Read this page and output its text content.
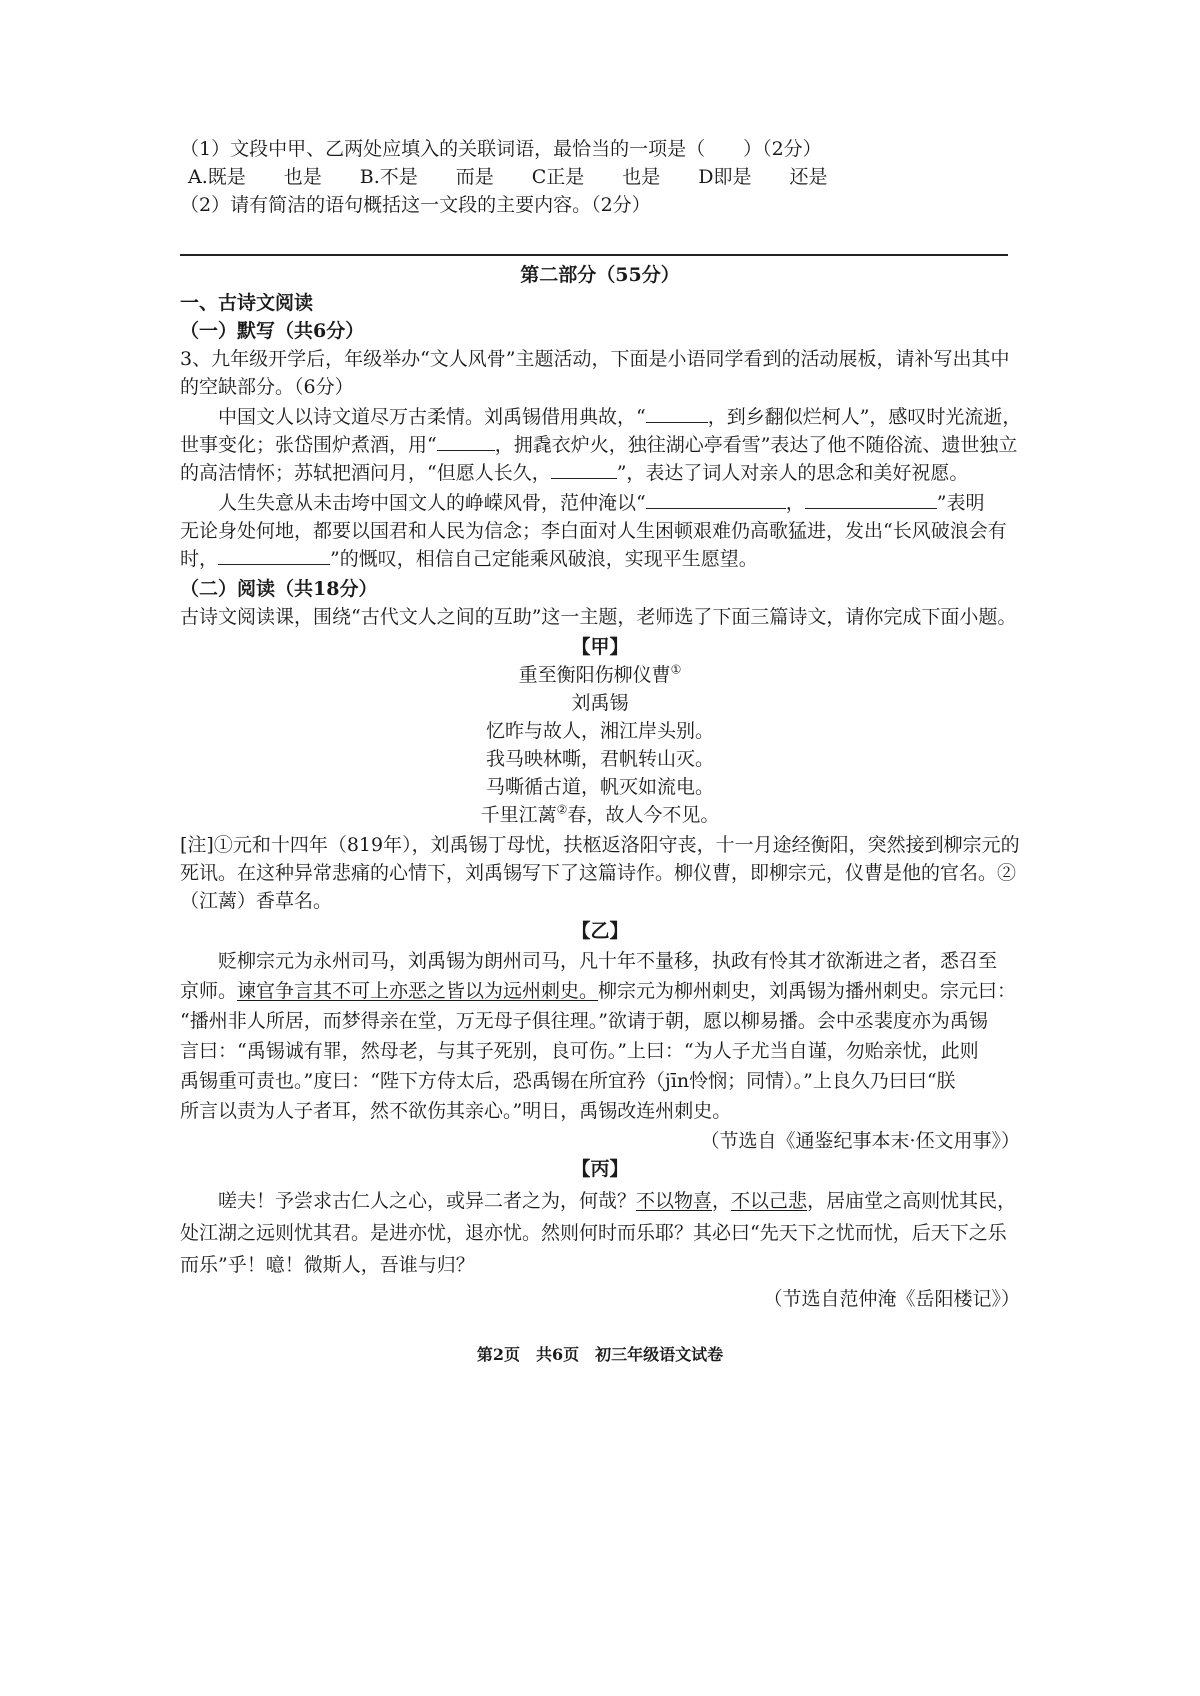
（1）文段中甲、乙两处应填入的关联词语，最恰当的一项是（　　）（2分）
A.既是　　也是　　B.不是　　而是　　C正是　　也是　　D即是　　还是
（2）请有简洁的语句概括这一文段的主要内容。（2分）
第二部分（55分）
一、古诗文阅读
（一）默写（共6分）
3、九年级开学后，年级举办“文人风骨”主题活动，下面是小语同学看到的活动展板，请补写出其中
的空缺部分。（6分）
中国文人以诗文道尽万古柔情。刘禹锡借用典故，“	，到乡翻似烂柯人”，感叹时光流逝，
世事变化；张岱围炉煮酒，用“	，拥毳衣炉火，独往湖心亭看雪”表达了他不随俗流、遗世独立
的高洁情怀；苏轼把酒问月，“但愿人长久，	”，表达了词人对亲人的思念和美好祝愿。
人生失意从未击垮中国文人的峥嵘风骨，范仲淹以“	，	”表明
无论身处何地，都要以国君和人民为信念；李白面对人生困顿艰难仍高歌猛进，发出“长风破浪会有
时，	”的慨叹，相信自己定能乘风破浪，实现平生愿望。
（二）阅读（共18分）
古诗文阅读课，围绕“古代文人之间的互助”这一主题，老师选了下面三篇诗文，请你完成下面小题。
【甲】
重至衡阳伤柳仪曹①
刘禹锡
忆昨与故人，湘江岸头别。
我马映林嘶，君帆转山灭。
马嘶循古道，帆灭如流电。
千里江蓠②春，故人今不见。
[注]①元和十四年（819年），刘禹锡丁母忧，扶柩返洛阳守丧，十一月途经衡阳，突然接到柳宗元的
死讯。在这种异常悲痛的心情下，刘禹锡写下了这篇诗作。柳仪曹，即柳宗元，仪曹是他的官名。②
（江蓠）香草名。
【乙】
贬柳宗元为永州司马，刘禹锡为朗州司马，凡十年不量移，执政有怜其才欲渐进之者，悉召至
京师。谏官争言其不可上亦恶之皆以为远州刺史。柳宗元为柳州刺史，刘禹锡为播州刺史。宗元曰：
“播州非人所居，而梦得亲在堂，万无母子俱往理。”欲请于朝，愿以柳易播。会中丞裴度亦为禹锡
言曰：“禹锡诚有罪，然母老，与其子死别，良可伤。”上曰：“为人子尤当自谨，勿贻亲忧，此则
禹锡重可责也。”度曰：“陛下方侍太后，恐禹锡在所宜矜（jīn怜悯；同情）。”上良久乃曰曰“朕
所言以责为人子者耳，然不欲伤其亲心。”明日，禹锡改连州刺史。
（节选自《通鉴纪事本末·伾文用事》）
【丙】
嗟夫！予尝求古仁人之心，或异二者之为，何哉？不以物喜，不以己悲，居庙堂之高则忧其民，
处江湖之远则忧其君。是进亦忧，退亦忧。然则何时而乐耶？其必曰“先天下之忧而忧，后天下之乐
而乐”乎！噫！微斯人，吾谁与归？
（节选自范仲淹《岳阳楼记》）
第2页　共6页　初三年级语文试卷
